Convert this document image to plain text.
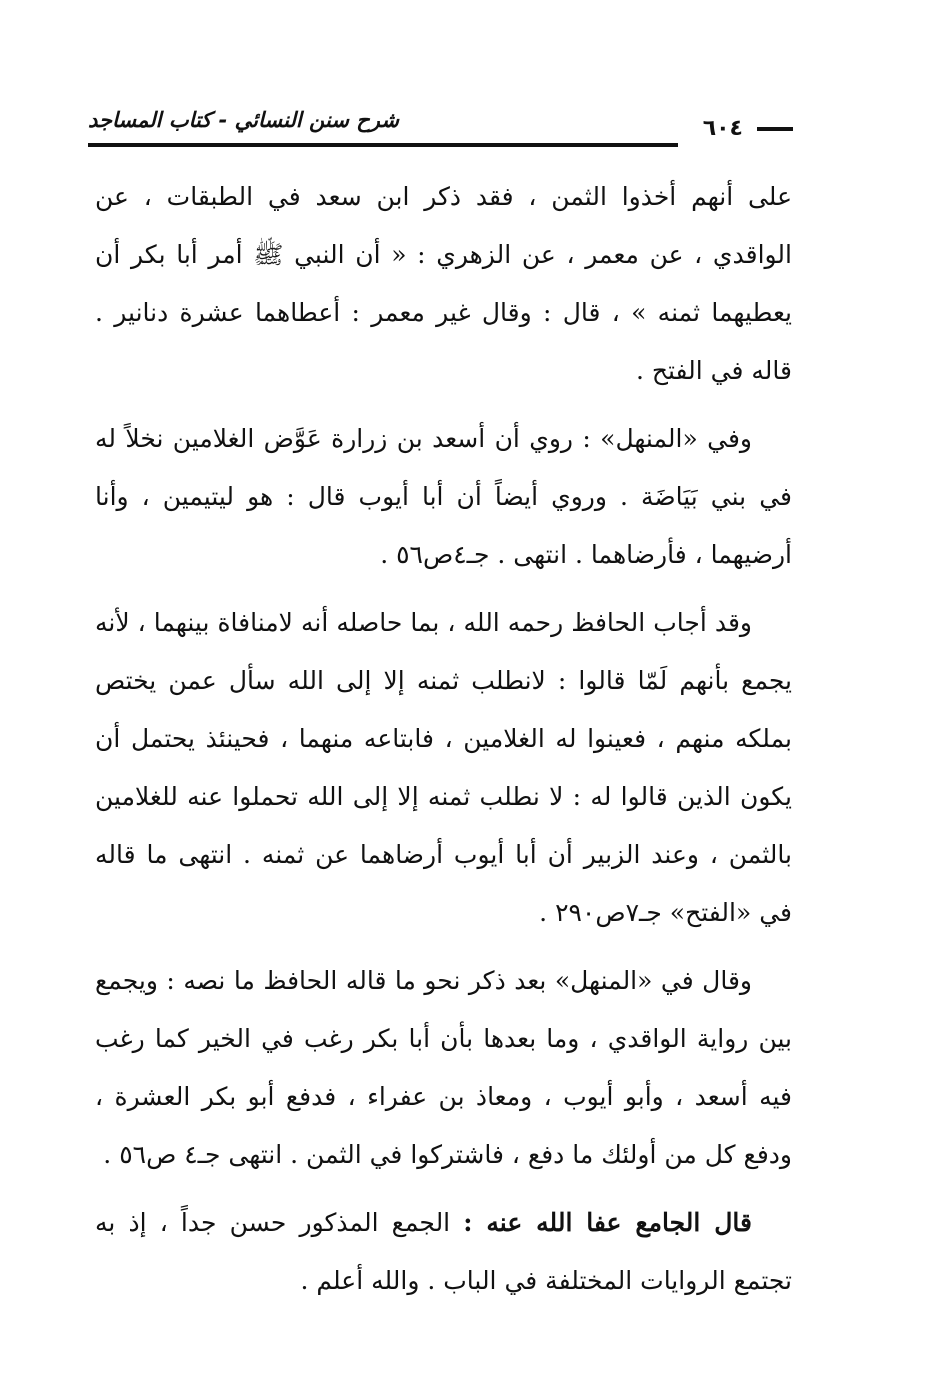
شرح سنن النسائي - كتاب المساجد	٦٠٤

على أنهم أخذوا الثمن ، فقد ذكر ابن سعد في الطبقات ، عن الواقدي ، عن معمر ، عن الزهري : « أن النبي ﷺ أمر أبا بكر أن يعطيهما ثمنه » ، قال : وقال غير معمر : أعطاهما عشرة دنانير . قاله في الفتح .

وفي «المنهل» : روي أن أسعد بن زرارة عَوَّض الغلامين نخلاً له في بني بَيَاضَة . وروي أيضاً أن أبا أيوب قال : هو ليتيمين ، وأنا أرضيهما ، فأرضاهما . انتهى . جـ٤ص٥٦ .

وقد أجاب الحافظ رحمه الله ، بما حاصله أنه لامنافاة بينهما ، لأنه يجمع بأنهم لَمّا قالوا : لانطلب ثمنه إلا إلى الله سأل عمن يختص بملكه منهم ، فعينوا له الغلامين ، فابتاعه منهما ، فحينئذ يحتمل أن يكون الذين قالوا له : لا نطلب ثمنه إلا إلى الله تحملوا عنه للغلامين بالثمن ، وعند الزبير أن أبا أيوب أرضاهما عن ثمنه . انتهى ما قاله في «الفتح» جـ٧ص٢٩٠ .

وقال في «المنهل» بعد ذكر نحو ما قاله الحافظ ما نصه : ويجمع بين رواية الواقدي ، وما بعدها بأن أبا بكر رغب في الخير كما رغب فيه أسعد ، وأبو أيوب ، ومعاذ بن عفراء ، فدفع أبو بكر العشرة ، ودفع كل من أولئك ما دفع ، فاشتركوا في الثمن . انتهى جـ٤ ص٥٦ .

قال الجامع عفا الله عنه : الجمع المذكور حسن جداً ، إذ به تجتمع الروايات المختلفة في الباب . والله أعلم .
